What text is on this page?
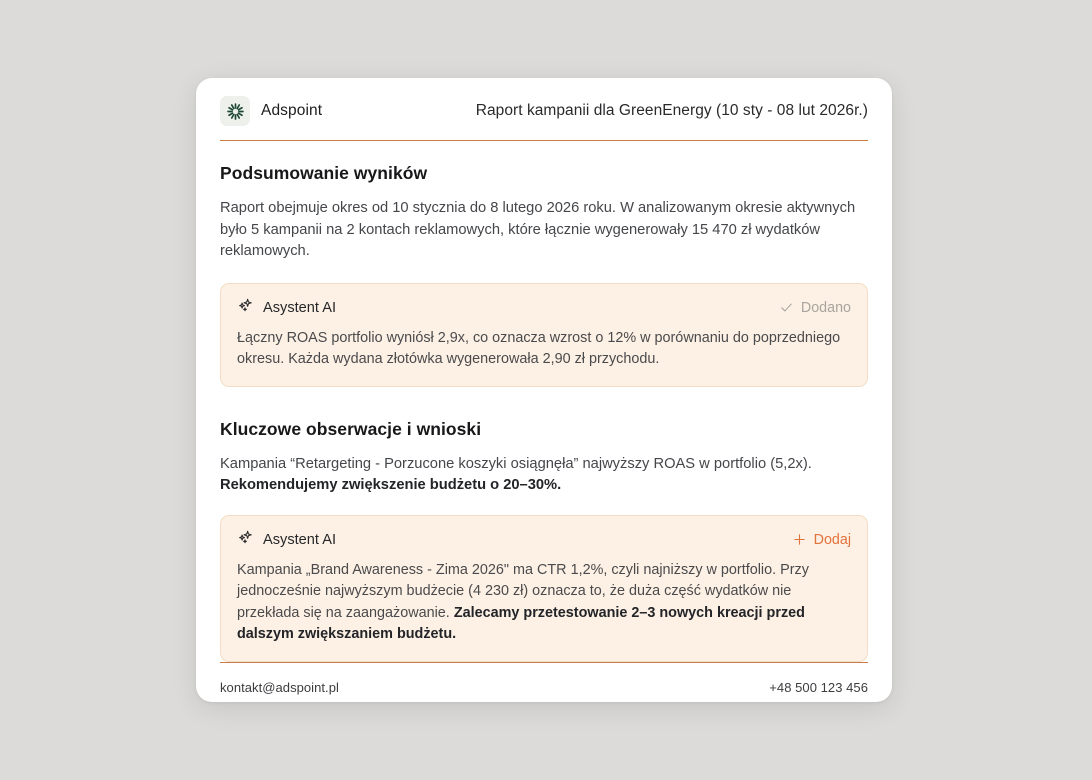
Adspoint	Raport kampanii dla GreenEnergy (10 sty - 08 lut 2026r.)
Podsumowanie wyników

Raport obejmuje okres od 10 stycznia do 8 lutego 2026 roku. W analizowanym okresie aktywnych było 5 kampanii na 2 kontach reklamowych, które łącznie wygenerowały 15 470 zł wydatków reklamowych.

Asystent AI	Dodano

Łączny ROAS portfolio wyniósł 2,9x, co oznacza wzrost o 12% w porównaniu do poprzedniego okresu. Każda wydana złotówka wygenerowała 2,90 zł przychodu.

Kluczowe obserwacje i wnioski

Kampania “Retargeting - Porzucone koszyki osiągnęła” najwyższy ROAS w portfolio (5,2x). Rekomendujemy zwiększenie budżetu o 20–30%.

Asystent AI	Dodaj

Kampania „Brand Awareness - Zima 2026" ma CTR 1,2%, czyli najniższy w portfolio. Przy jednocześnie najwyższym budżecie (4 230 zł) oznacza to, że duża część wydatków nie przekłada się na zaangażowanie. Zalecamy przetestowanie 2–3 nowych kreacji przed dalszym zwiększaniem budżetu.

kontakt@adspoint.pl	+48 500 123 456
